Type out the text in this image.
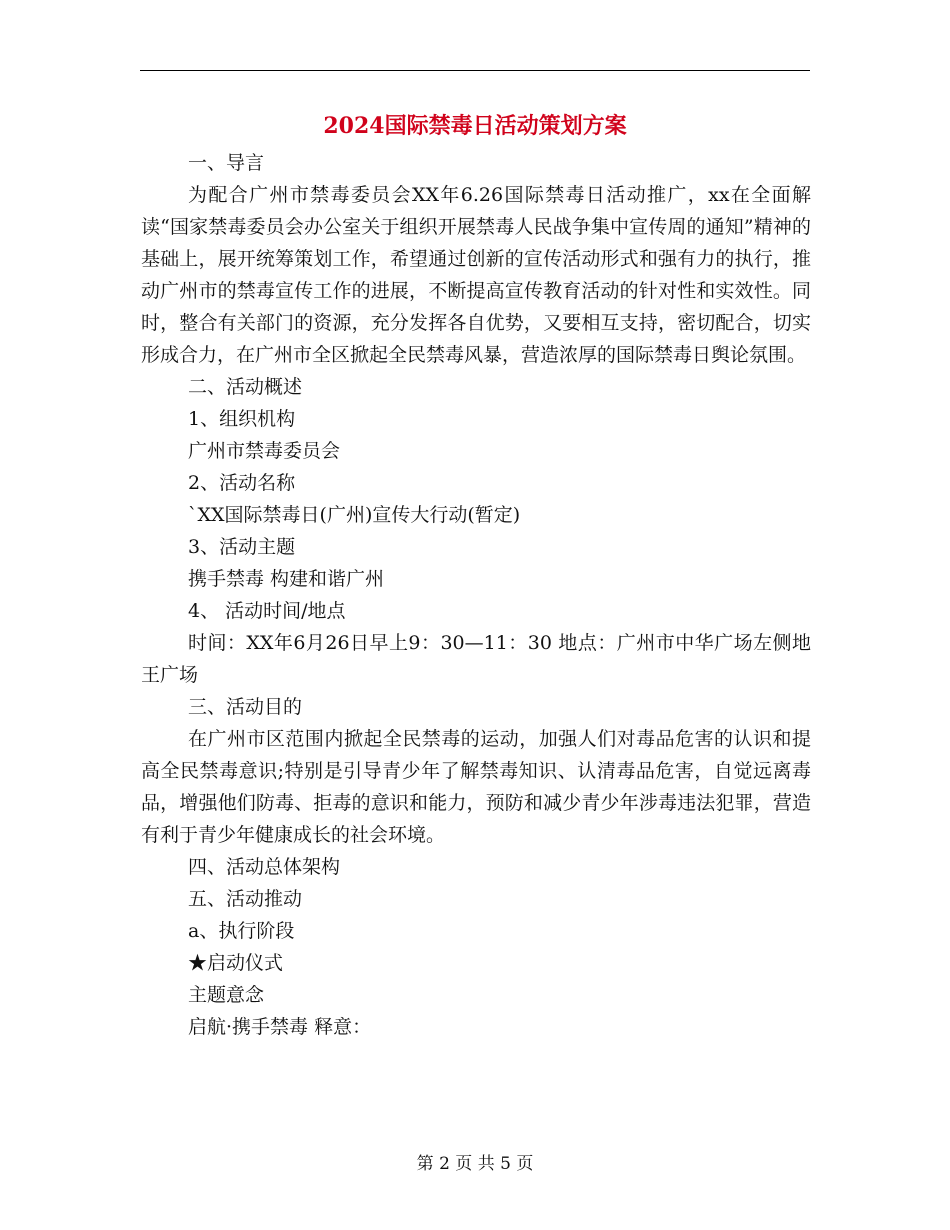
2024国际禁毒日活动策划方案

一、导言

为配合广州市禁毒委员会XX年6.26国际禁毒日活动推广，xx在全面解读“国家禁毒委员会办公室关于组织开展禁毒人民战争集中宣传周的通知”精神的基础上，展开统筹策划工作，希望通过创新的宣传活动形式和强有力的执行，推动广州市的禁毒宣传工作的进展，不断提高宣传教育活动的针对性和实效性。同时，整合有关部门的资源，充分发挥各自优势，又要相互支持，密切配合，切实形成合力，在广州市全区掀起全民禁毒风暴，营造浓厚的国际禁毒日舆论氛围。

二、活动概述

1、组织机构

广州市禁毒委员会

2、活动名称

`XX国际禁毒日(广州)宣传大行动(暂定)

3、活动主题

携手禁毒 构建和谐广州

4、 活动时间/地点

时间：XX年6月26日早上9：30—11：30 地点：广州市中华广场左侧地王广场

三、活动目的

在广州市区范围内掀起全民禁毒的运动，加强人们对毒品危害的认识和提高全民禁毒意识;特别是引导青少年了解禁毒知识、认清毒品危害，自觉远离毒品，增强他们防毒、拒毒的意识和能力，预防和减少青少年涉毒违法犯罪，营造有利于青少年健康成长的社会环境。

四、活动总体架构

五、活动推动

a、执行阶段

★启动仪式

主题意念

启航·携手禁毒 释意：

第 2 页 共 5 页
